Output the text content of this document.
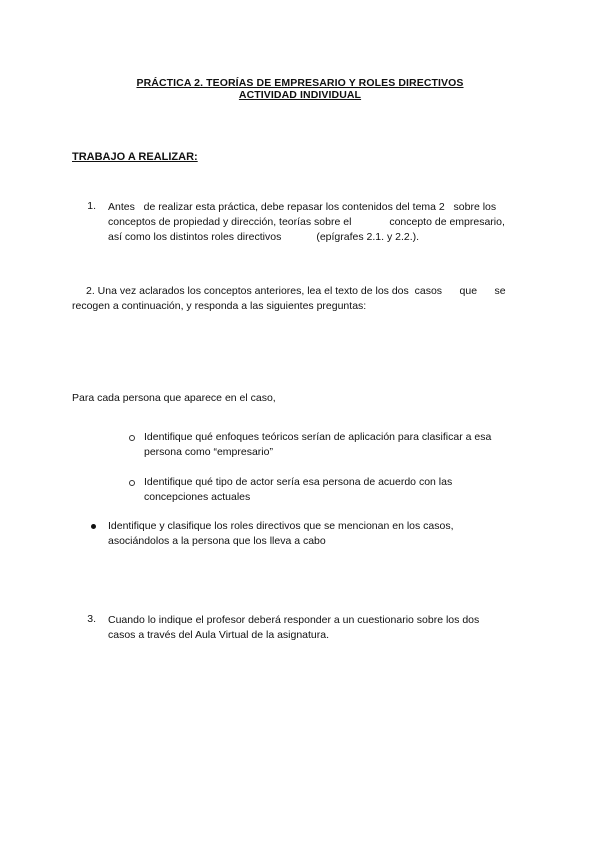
PRÁCTICA 2. TEORÍAS DE EMPRESARIO Y ROLES DIRECTIVOS
ACTIVIDAD INDIVIDUAL
TRABAJO A REALIZAR:
1. Antes   de realizar esta práctica, debe repasar los contenidos del tema 2   sobre los
conceptos de propiedad y dirección, teorías sobre el             concepto de empresario,
así como los distintos roles directivos            (epígrafes 2.1. y 2.2.).
2. Una vez aclarados los conceptos anteriores, lea el texto de los dos  casos      que      se
recogen a continuación, y responda a las siguientes preguntas:
Para cada persona que aparece en el caso,
Identifique qué enfoques teóricos serían de aplicación para clasificar a esa
persona como “empresario”
Identifique qué tipo de actor sería esa persona de acuerdo con las
concepciones actuales
Identifique y clasifique los roles directivos que se mencionan en los casos,
asociándolos a la persona que los lleva a cabo
3. Cuando lo indique el profesor deberá responder a un cuestionario sobre los dos
casos a través del Aula Virtual de la asignatura.
